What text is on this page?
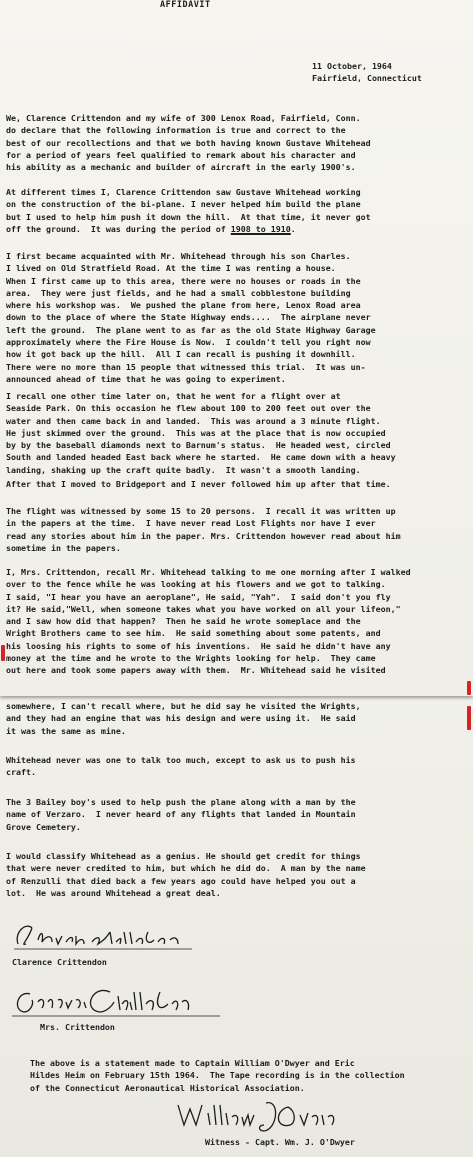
AFFIDAVIT
11 October, 1964
Fairfield, Connecticut
We, Clarence Crittendon and my wife of 300 Lenox Road, Fairfield, Conn.
do declare that the following information is true and correct to the
best of our recollections and that we both having known Gustave Whitehead
for a period of years feel qualified to remark about his character and
his ability as a mechanic and builder of aircraft in the early 1900's.
At different times I, Clarence Crittendon saw Gustave Whitehead working
on the construction of the bi-plane. I never helped him build the plane
but I used to help him push it down the hill.  At that time, it never got
off the ground.  It was during the period of 1908 to 1910.
I first became acquainted with Mr. Whitehead through his son Charles.
I lived on Old Stratfield Road. At the time I was renting a house.
When I first came up to this area, there were no houses or roads in the
area.  They were just fields, and he had a small cobblestone building
where his workshop was.  We pushed the plane from here, Lenox Road area
down to the place of where the State Highway ends....  The airplane never
left the ground.  The plane went to as far as the old State Highway Garage
approximately where the Fire House is Now.  I couldn't tell you right now
how it got back up the hill.  All I can recall is pushing it downhill.
There were no more than 15 people that witnessed this trial.  It was un-
announced ahead of time that he was going to experiment.
I recall one other time later on, that he went for a flight over at
Seaside Park. On this occasion he flew about 100 to 200 feet out over the
water and then came back in and landed.  This was around a 3 minute flight.
He just skimmed over the ground.  This was at the place that is now occupied
by by the baseball diamonds next to Barnum's status.  He headed west, circled
South and landed headed East back where he started.  He came down with a heavy
landing, shaking up the craft quite badly.  It wasn't a smooth landing.
After that I moved to Bridgeport and I never followed him up after that time.
The flight was witnessed by some 15 to 20 persons.  I recall it was written up
in the papers at the time.  I have never read Lost Flights nor have I ever
read any stories about him in the paper. Mrs. Crittendon however read about him
sometime in the papers.
I, Mrs. Crittendon, recall Mr. Whitehead talking to me one morning after I walked
over to the fence while he was looking at his flowers and we got to talking.
I said, "I hear you have an aeroplane", He said, "Yah".  I said don't you fly
it? He said,"Well, when someone takes what you have worked on all your lifeon,"
and I saw how did that happen?  Then he said he wrote someplace and the
Wright Brothers came to see him.  He said something about some patents, and
his loosing his rights to some of his inventions.  He said he didn't have any
money at the time and he wrote to the Wrights looking for help.  They came
out here and took some papers away with them.  Mr. Whitehead said he visited
somewhere, I can't recall where, but he did say he visited the Wrights,
and they had an engine that was his design and were using it.  He said
it was the same as mine.
Whitehead never was one to talk too much, except to ask us to push his
craft.
The 3 Bailey boy's used to help push the plane along with a man by the
name of Verzaro.  I never heard of any flights that landed in Mountain
Grove Cemetery.
I would classify Whitehead as a genius. He should get credit for things
that were never credited to him, but which he did do.  A man by the name
of Renzulli that died back a few years ago could have helped you out a
lot.  He was around Whitehead a great deal.
Clarence Crittendon
Mrs. Crittendon
The above is a statement made to Captain William O'Dwyer and Eric
Hildes Heim on February 15th 1964.  The Tape recording is in the collection
of the Connecticut Aeronautical Historical Association.
Witness - Capt. Wm. J. O'Dwyer
